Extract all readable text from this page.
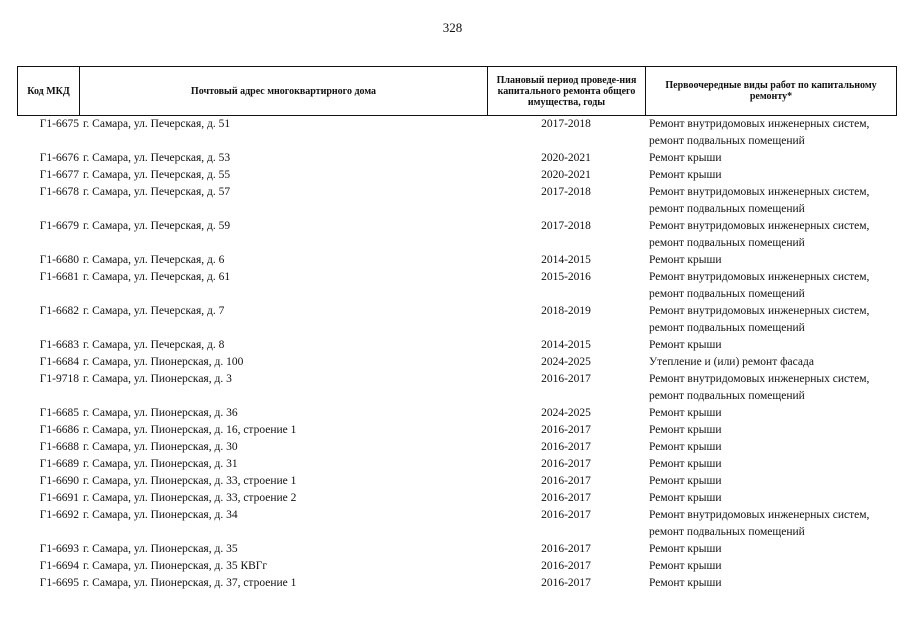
328
Код МКД	Почтовый адрес многоквартирного дома	Плановый период проведе-ния капитального ремонта общего имущества, годы	Первоочередные виды работ по капитальному ремонту*
Г1-6675 г. Самара, ул. Печерская, д. 51	2017-2018	Ремонт внутридомовых инженерных систем,
ремонт подвальных помещений
Г1-6676 г. Самара, ул. Печерская, д. 53	2020-2021	Ремонт крыши
Г1-6677 г. Самара, ул. Печерская, д. 55	2020-2021	Ремонт крыши
Г1-6678 г. Самара, ул. Печерская, д. 57	2017-2018	Ремонт внутридомовых инженерных систем,
ремонт подвальных помещений
Г1-6679 г. Самара, ул. Печерская, д. 59	2017-2018	Ремонт внутридомовых инженерных систем,
ремонт подвальных помещений
Г1-6680 г. Самара, ул. Печерская, д. 6	2014-2015	Ремонт крыши
Г1-6681 г. Самара, ул. Печерская, д. 61	2015-2016	Ремонт внутридомовых инженерных систем,
ремонт подвальных помещений
Г1-6682 г. Самара, ул. Печерская, д. 7	2018-2019	Ремонт внутридомовых инженерных систем,
ремонт подвальных помещений
Г1-6683 г. Самара, ул. Печерская, д. 8	2014-2015	Ремонт крыши
Г1-6684 г. Самара, ул. Пионерская, д. 100	2024-2025	Утепление и (или) ремонт фасада
Г1-9718 г. Самара, ул. Пионерская, д. 3	2016-2017	Ремонт внутридомовых инженерных систем,
ремонт подвальных помещений
Г1-6685 г. Самара, ул. Пионерская, д. 36	2024-2025	Ремонт крыши
Г1-6686 г. Самара, ул. Пионерская, д. 16, строение 1	2016-2017	Ремонт крыши
Г1-6688 г. Самара, ул. Пионерская, д. 30	2016-2017	Ремонт крыши
Г1-6689 г. Самара, ул. Пионерская, д. 31	2016-2017	Ремонт крыши
Г1-6690 г. Самара, ул. Пионерская, д. 33, строение 1	2016-2017	Ремонт крыши
Г1-6691 г. Самара, ул. Пионерская, д. 33, строение 2	2016-2017	Ремонт крыши
Г1-6692 г. Самара, ул. Пионерская, д. 34	2016-2017	Ремонт внутридомовых инженерных систем,
ремонт подвальных помещений
Г1-6693 г. Самара, ул. Пионерская, д. 35	2016-2017	Ремонт крыши
Г1-6694 г. Самара, ул. Пионерская, д. 35 КВГг	2016-2017	Ремонт крыши
Г1-6695 г. Самара, ул. Пионерская, д. 37, строение 1	2016-2017	Ремонт крыши
